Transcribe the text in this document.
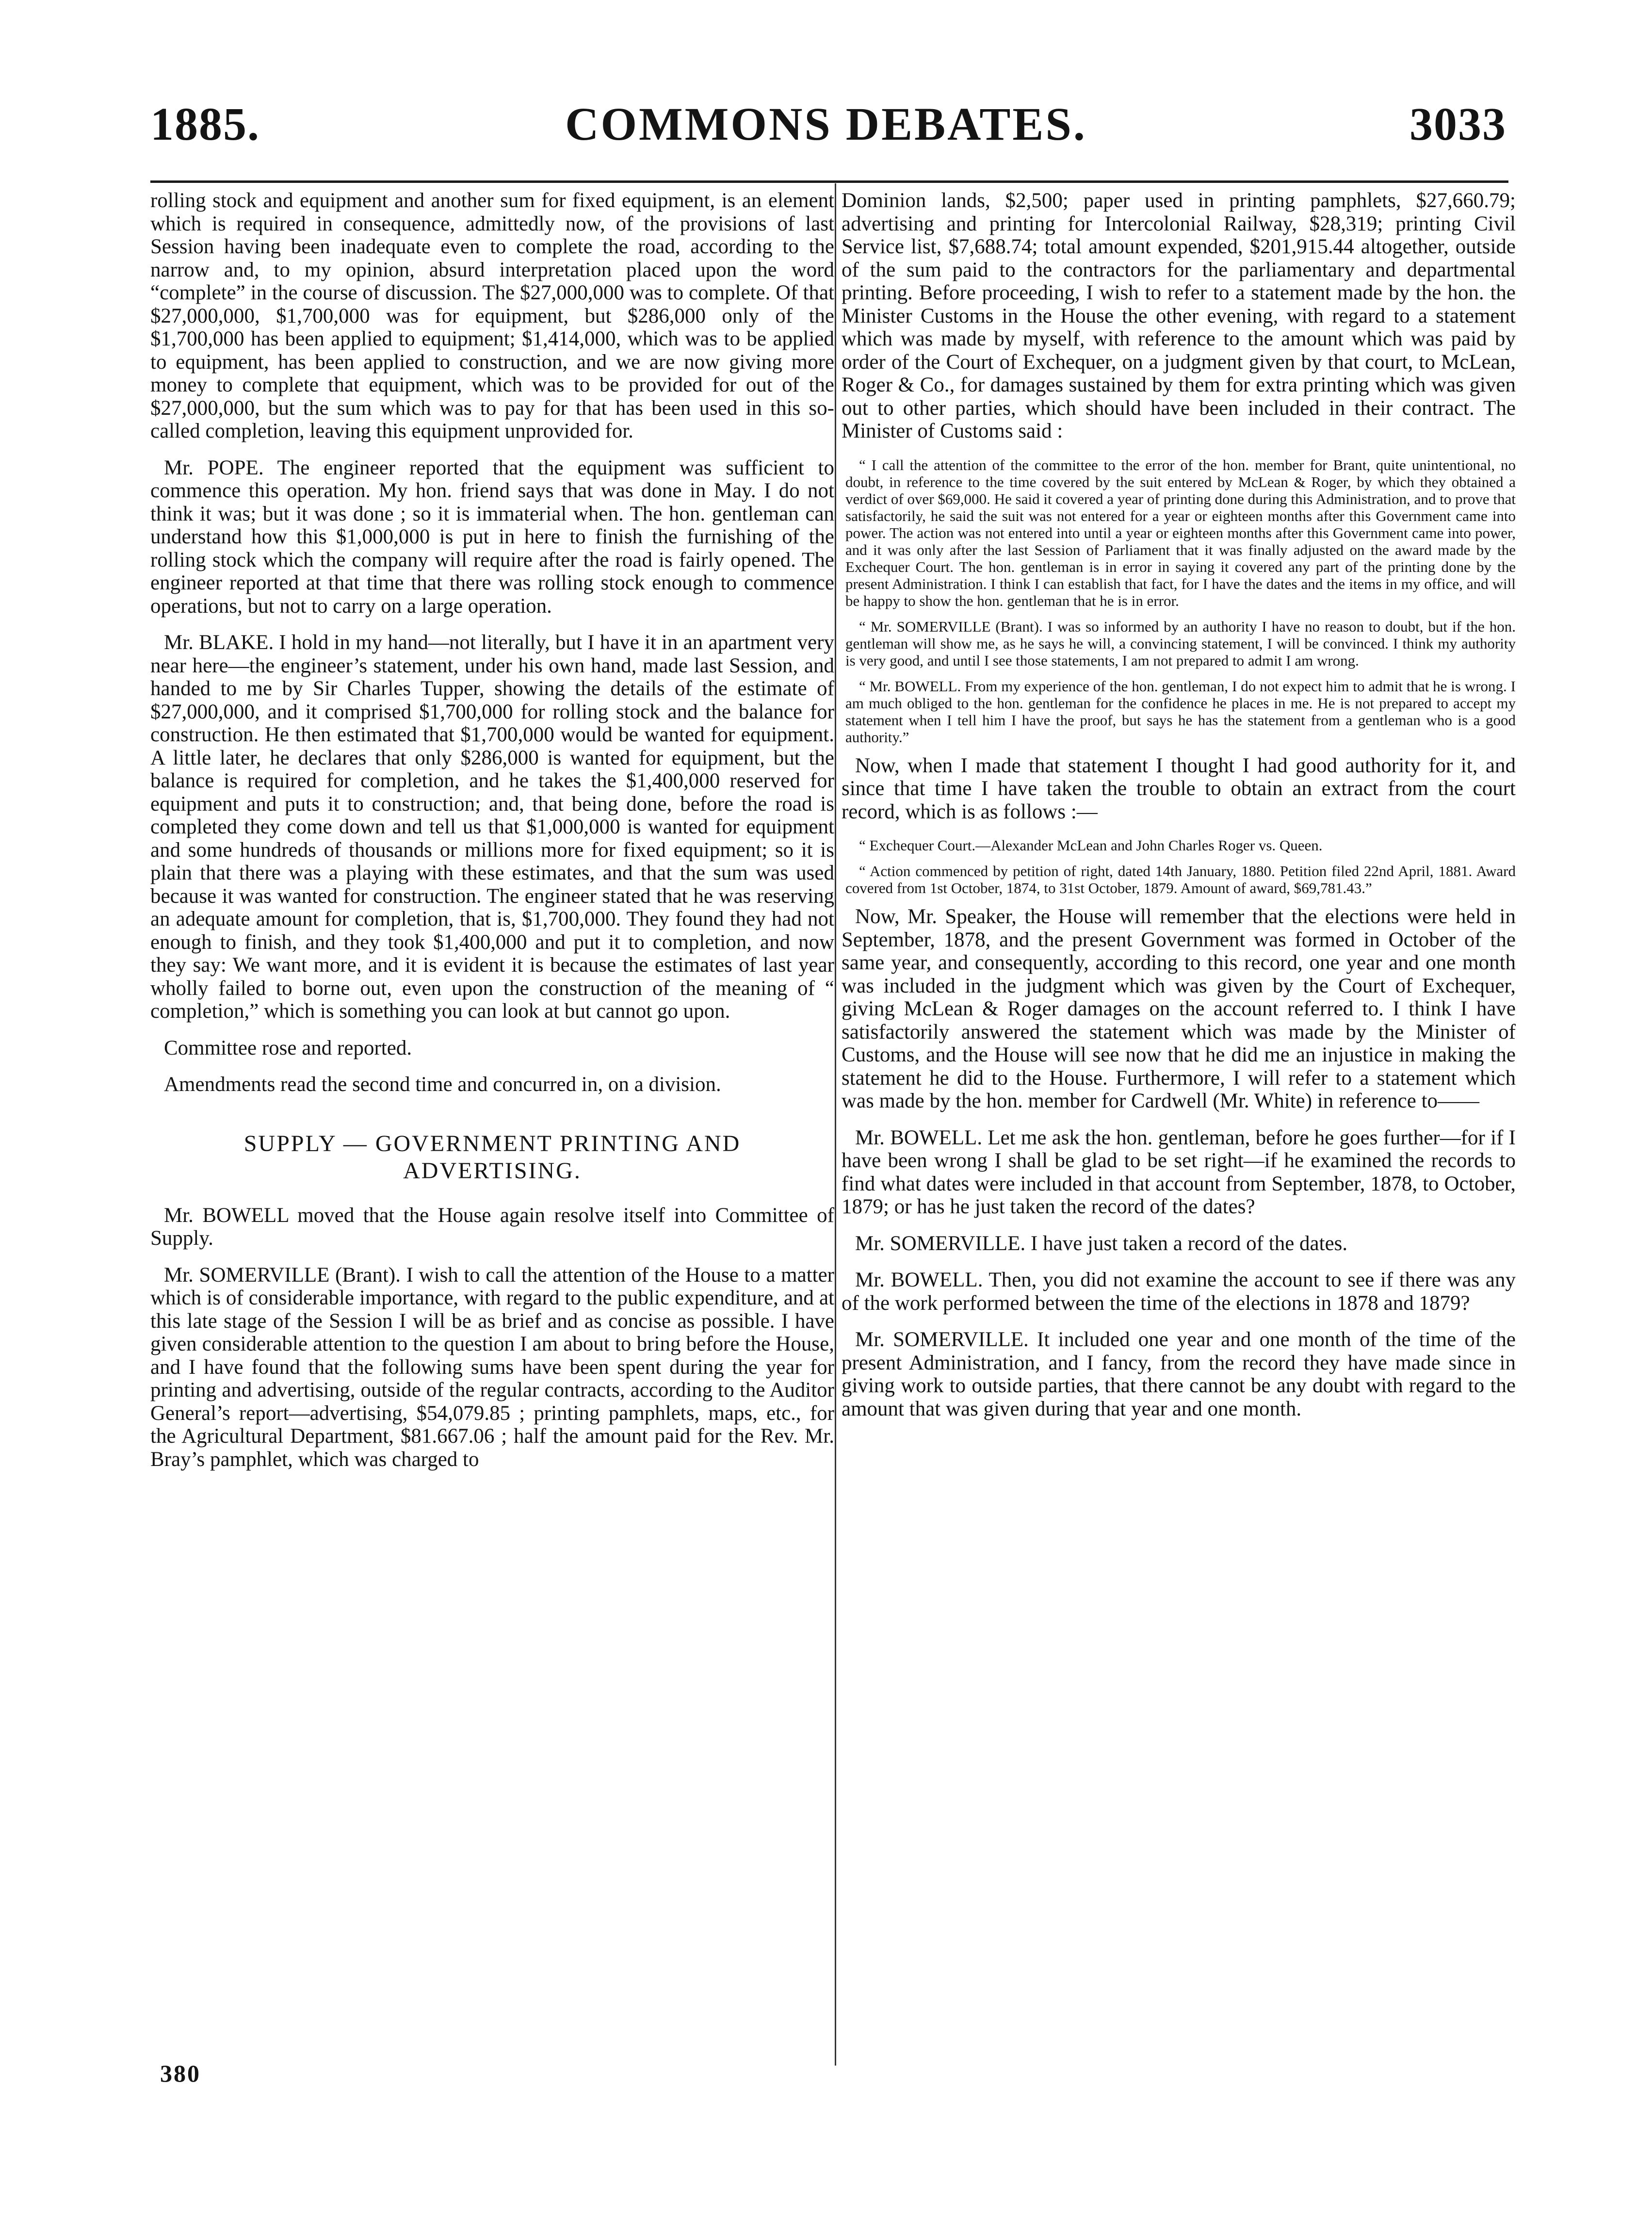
1885.	COMMONS DEBATES.	3033

rolling stock and equipment and another sum for fixed equipment, is an element which is required in consequence, admittedly now, of the provisions of last Session having been inadequate even to complete the road, according to the narrow and, to my opinion, absurd interpretation placed upon the word “complete” in the course of discussion. The $27,000,000 was to complete. Of that $27,000,000, $1,700,000 was for equipment, but $286,000 only of the $1,700,000 has been applied to equipment; $1,414,000, which was to be applied to equipment, has been applied to construction, and we are now giving more money to complete that equipment, which was to be provided for out of the $27,000,000, but the sum which was to pay for that has been used in this so-called completion, leaving this equipment unprovided for.

Mr. POPE. The engineer reported that the equipment was sufficient to commence this operation. My hon. friend says that was done in May. I do not think it was; but it was done ; so it is immaterial when. The hon. gentleman can understand how this $1,000,000 is put in here to finish the furnishing of the rolling stock which the company will require after the road is fairly opened. The engineer reported at that time that there was rolling stock enough to commence operations, but not to carry on a large operation.

Mr. BLAKE. I hold in my hand—not literally, but I have it in an apartment very near here—the engineer’s statement, under his own hand, made last Session, and handed to me by Sir Charles Tupper, showing the details of the estimate of $27,000,000, and it comprised $1,700,000 for rolling stock and the balance for construction. He then estimated that $1,700,000 would be wanted for equipment. A little later, he declares that only $286,000 is wanted for equipment, but the balance is required for completion, and he takes the $1,400,000 reserved for equipment and puts it to construction; and, that being done, before the road is completed they come down and tell us that $1,000,000 is wanted for equipment and some hundreds of thousands or millions more for fixed equipment; so it is plain that there was a playing with these estimates, and that the sum was used because it was wanted for construction. The engineer stated that he was reserving an adequate amount for completion, that is, $1,700,000. They found they had not enough to finish, and they took $1,400,000 and put it to completion, and now they say: We want more, and it is evident it is because the estimates of last year wholly failed to borne out, even upon the construction of the meaning of “ completion,” which is something you can look at but cannot go upon.

Committee rose and reported.

Amendments read the second time and concurred in, on a division.

SUPPLY — GOVERNMENT PRINTING AND ADVERTISING.

Mr. BOWELL moved that the House again resolve itself into Committee of Supply.

Mr. SOMERVILLE (Brant). I wish to call the attention of the House to a matter which is of considerable importance, with regard to the public expenditure, and at this late stage of the Session I will be as brief and as concise as possible. I have given considerable attention to the question I am about to bring before the House, and I have found that the following sums have been spent during the year for printing and advertising, outside of the regular contracts, according to the Auditor General’s report—advertising, $54,079.85 ; printing pamphlets, maps, etc., for the Agricultural Department, $81.667.06 ; half the amount paid for the Rev. Mr. Bray’s pamphlet, which was charged to

Dominion lands, $2,500; paper used in printing pamphlets, $27,660.79; advertising and printing for Intercolonial Railway, $28,319; printing Civil Service list, $7,688.74; total amount expended, $201,915.44 altogether, outside of the sum paid to the contractors for the parliamentary and departmental printing. Before proceeding, I wish to refer to a statement made by the hon. the Minister Customs in the House the other evening, with regard to a statement which was made by myself, with reference to the amount which was paid by order of the Court of Exchequer, on a judgment given by that court, to McLean, Roger & Co., for damages sustained by them for extra printing which was given out to other parties, which should have been included in their contract. The Minister of Customs said :

“ I call the attention of the committee to the error of the hon. member for Brant, quite unintentional, no doubt, in reference to the time covered by the suit entered by McLean & Roger, by which they obtained a verdict of over $69,000. He said it covered a year of printing done during this Administration, and to prove that satisfactorily, he said the suit was not entered for a year or eighteen months after this Government came into power. The action was not entered into until a year or eighteen months after this Government came into power, and it was only after the last Session of Parliament that it was finally adjusted on the award made by the Exchequer Court. The hon. gentleman is in error in saying it covered any part of the printing done by the present Administration. I think I can establish that fact, for I have the dates and the items in my office, and will be happy to show the hon. gentleman that he is in error.

“ Mr. SOMERVILLE (Brant). I was so informed by an authority I have no reason to doubt, but if the hon. gentleman will show me, as he says he will, a convincing statement, I will be convinced. I think my authority is very good, and until I see those statements, I am not prepared to admit I am wrong.

“ Mr. BOWELL. From my experience of the hon. gentleman, I do not expect him to admit that he is wrong. I am much obliged to the hon. gentleman for the confidence he places in me. He is not prepared to accept my statement when I tell him I have the proof, but says he has the statement from a gentleman who is a good authority.”

Now, when I made that statement I thought I had good authority for it, and since that time I have taken the trouble to obtain an extract from the court record, which is as follows :—

“ Exchequer Court.—Alexander McLean and John Charles Roger vs. Queen.

“ Action commenced by petition of right, dated 14th January, 1880. Petition filed 22nd April, 1881. Award covered from 1st October, 1874, to 31st October, 1879. Amount of award, $69,781.43.”

Now, Mr. Speaker, the House will remember that the elections were held in September, 1878, and the present Government was formed in October of the same year, and consequently, according to this record, one year and one month was included in the judgment which was given by the Court of Exchequer, giving McLean & Roger damages on the account referred to. I think I have satisfactorily answered the statement which was made by the Minister of Customs, and the House will see now that he did me an injustice in making the statement he did to the House. Furthermore, I will refer to a statement which was made by the hon. member for Cardwell (Mr. White) in reference to——

Mr. BOWELL. Let me ask the hon. gentleman, before he goes further—for if I have been wrong I shall be glad to be set right—if he examined the records to find what dates were included in that account from September, 1878, to October, 1879; or has he just taken the record of the dates?

Mr. SOMERVILLE. I have just taken a record of the dates.

Mr. BOWELL. Then, you did not examine the account to see if there was any of the work performed between the time of the elections in 1878 and 1879?

Mr. SOMERVILLE. It included one year and one month of the time of the present Administration, and I fancy, from the record they have made since in giving work to outside parties, that there cannot be any doubt with regard to the amount that was given during that year and one month.

380
